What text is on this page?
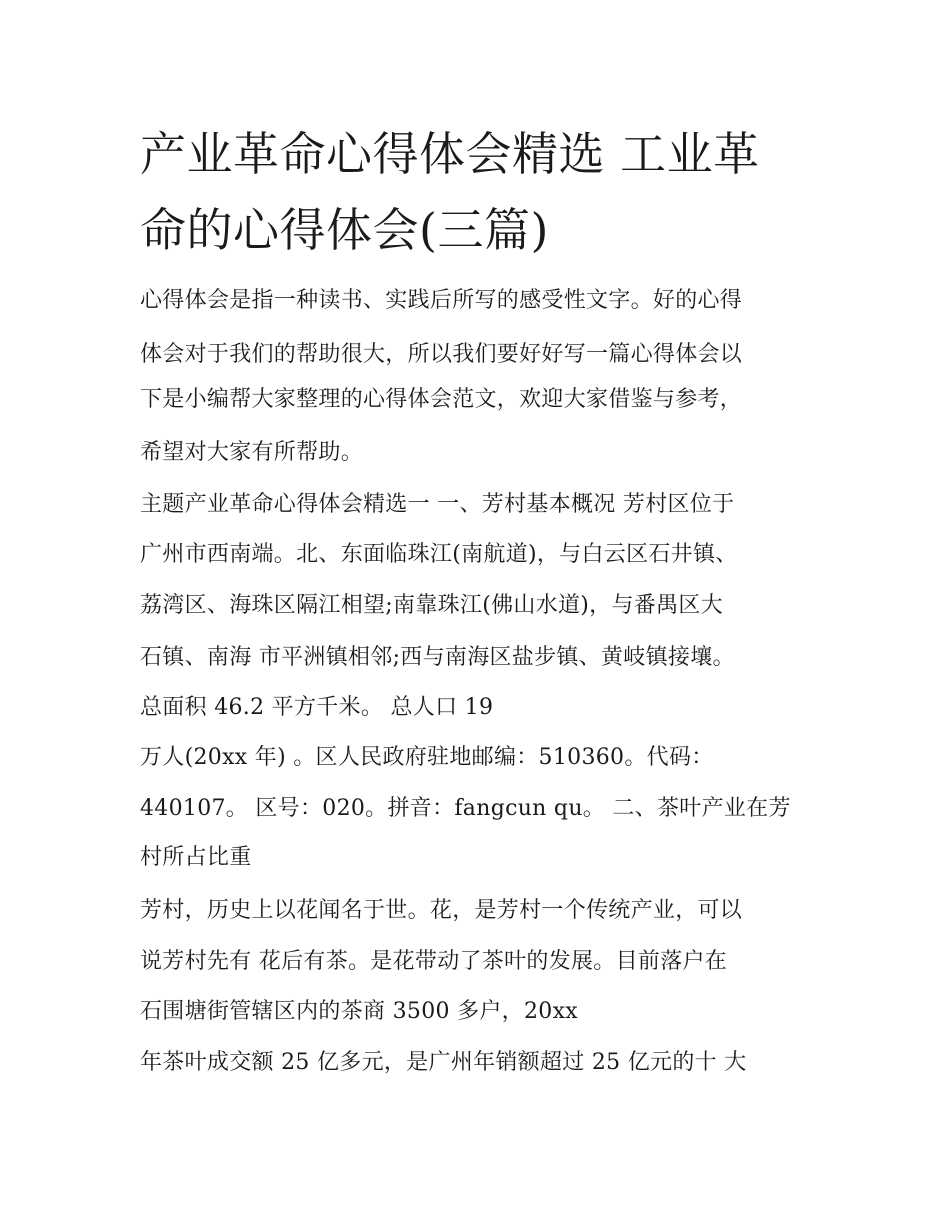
产业革命心得体会精选 工业革
命的心得体会(三篇)

心得体会是指一种读书、实践后所写的感受性文字。好的心得

体会对于我们的帮助很大，所以我们要好好写一篇心得体会以

下是小编帮大家整理的心得体会范文，欢迎大家借鉴与参考，

希望对大家有所帮助。

主题产业革命心得体会精选一 一、芳村基本概况 芳村区位于

广州市西南端。北、东面临珠江(南航道)，与白云区石井镇、

荔湾区、海珠区隔江相望;南靠珠江(佛山水道)，与番禺区大

石镇、南海 市平洲镇相邻;西与南海区盐步镇、黄岐镇接壤。

总面积 46.2 平方千米。 总人口 19

万人(20xx 年) 。区人民政府驻地邮编：510360。代码：

440107。 区号：020。拼音：fangcun qu。 二、茶叶产业在芳

村所占比重

芳村，历史上以花闻名于世。花，是芳村一个传统产业，可以

说芳村先有 花后有茶。是花带动了茶叶的发展。目前落户在

石围塘街管辖区内的茶商 3500 多户，20xx

年茶叶成交额 25 亿多元，是广州年销额超过 25 亿元的十 大
